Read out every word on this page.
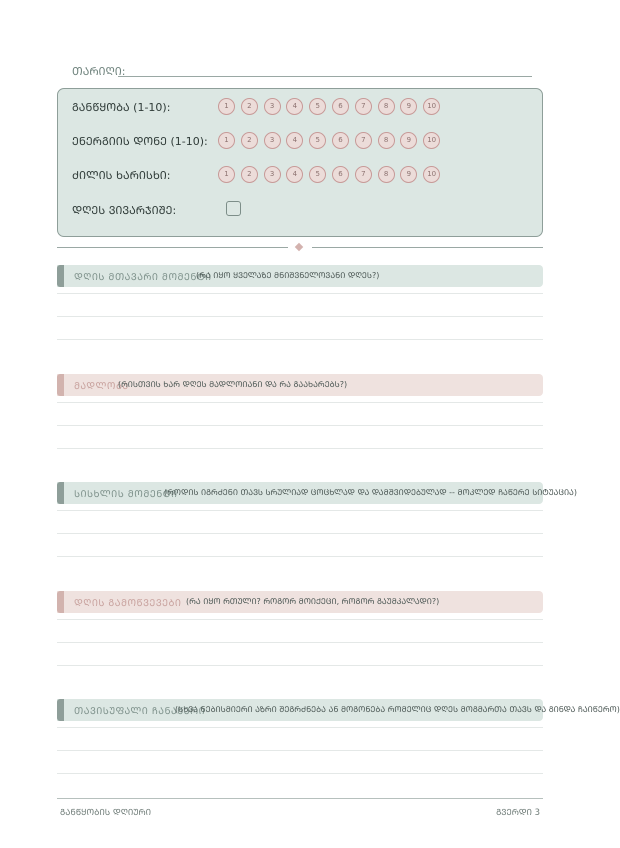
ᲗᲐᲠᲘᲦᲘ:
ᲒᲐᲜᲬᲧᲝᲑᲐ (1-10):	1	2	3	4	5	6	7	8	9	10
ᲔᲜᲔᲠᲒᲘᲘᲡ ᲓᲝᲜᲔ (1-10):	1	2	3	4	5	6	7	8	9	10
ᲫᲘᲚᲘᲡ ᲮᲐᲠᲘᲡᲮᲘ:	1	2	3	4	5	6	7	8	9	10
ᲓᲦᲔᲡ ᲕᲘᲕᲐᲠᲯᲘᲨᲔ:
ᲓᲦᲘᲡ ᲛᲗᲐᲕᲐᲠᲘ ᲛᲝᲛᲔᲜᲢᲘ
(ᲠᲐ ᲘᲧᲝ ᲧᲕᲔᲚᲐᲖᲔ ᲛᲜᲘᲨᲕᲜᲔᲚᲝᲕᲐᲜᲘ ᲓᲦᲔᲡ?)
ᲛᲐᲓᲚᲝᲑᲐ
(ᲠᲘᲡᲗᲕᲘᲡ ᲮᲐᲠ ᲓᲦᲔᲡ ᲛᲐᲓᲚᲝᲘᲐᲜᲘ ᲓᲐ ᲠᲐ ᲒᲐᲐᲮᲐᲠᲔᲑᲡ?)
ᲡᲘᲡᲮᲚᲘᲡ ᲛᲝᲛᲔᲜᲢᲘ
(ᲠᲝᲓᲘᲡ ᲘᲒᲠᲫᲔᲜᲘ ᲗᲐᲕᲡ ᲡᲠᲣᲚᲘᲐᲓ ᲪᲝᲪᲮᲚᲐᲓ ᲓᲐ ᲓᲐᲛᲨᲕᲘᲓᲔᲑᲣᲚᲐᲓ -- ᲛᲝᲙᲚᲔᲓ ᲩᲐᲬᲔᲠᲔ ᲡᲘᲢᲣᲐᲪᲘᲐ)
ᲓᲦᲘᲡ ᲒᲐᲛᲝᲬᲕᲔᲕᲔᲑᲘ (ᲠᲐ ᲘᲧᲝ ᲠᲗᲣᲚᲘ? ᲠᲝᲒᲝᲠ ᲛᲝᲘᲥᲔᲪᲘ, ᲠᲝᲒᲝᲠ ᲒᲐᲣᲛᲙᲐᲚᲐᲓᲘ?)
ᲗᲐᲕᲘᲡᲣᲤᲐᲚᲘ ᲩᲐᲜᲐᲬᲔᲠᲘ
(ᲡᲮᲕᲐ ᲜᲔᲑᲘᲡᲛᲘᲔᲠᲘ ᲐᲖᲠᲘ ᲨᲔᲒᲠᲫᲜᲔᲑᲐ ᲐᲜ ᲛᲝᲒᲝᲜᲔᲑᲐ ᲠᲝᲛᲔᲚᲘᲪ ᲓᲦᲔᲡ ᲛᲝᲒᲛᲐᲠᲗᲐ ᲗᲐᲕᲡ ᲓᲐ ᲒᲘᲜᲓᲐ ᲩᲐᲘᲬᲔᲠᲝ)
ᲒᲐᲜᲬᲧᲝᲑᲘᲡ ᲓᲦᲘᲣᲠᲘ	ᲒᲕᲔᲠᲓᲘ 3
